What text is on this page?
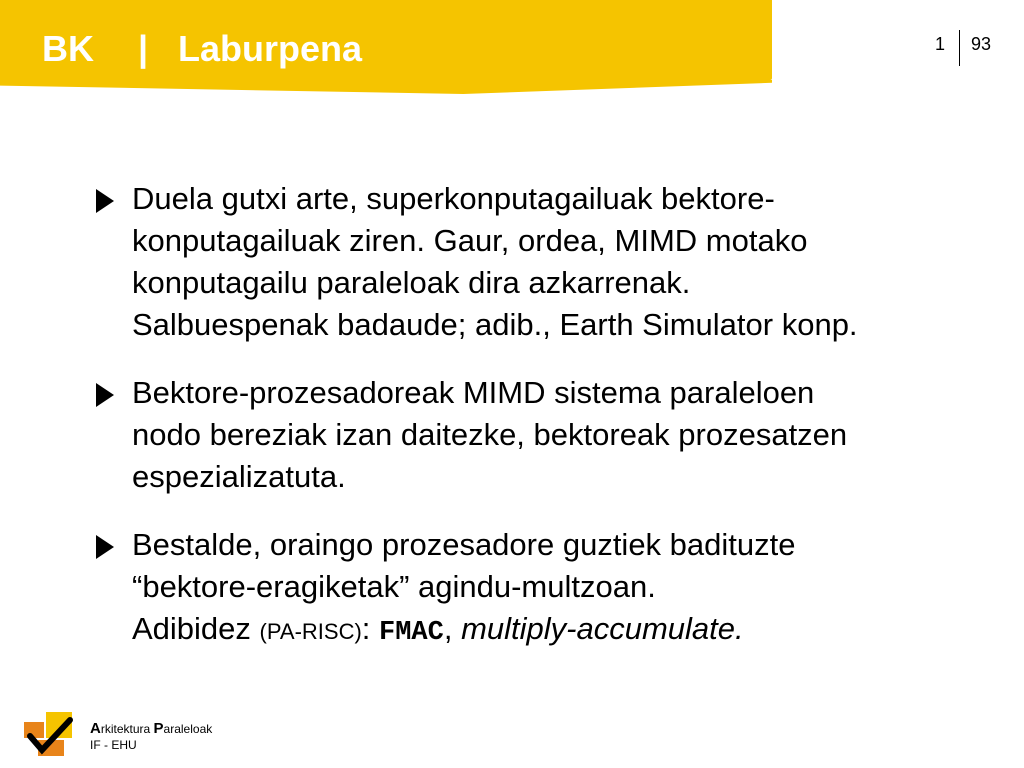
BK | Laburpena	1 93

Duela gutxi arte, superkonputagailuak bektore-

konputagailuak ziren. Gaur, ordea, MIMD motako

konputagailu paraleloak dira azkarrenak.

Salbuespenak badaude; adib., Earth Simulator konp.

Bektore-prozesadoreak MIMD sistema paraleloen

nodo bereziak izan daitezke, bektoreak prozesatzen

espezializatuta.

Bestalde, oraingo prozesadore guztiek badituzte

“bektore-eragiketak” agindu-multzoan.

Adibidez (PA-RISC): FMAC, multiply-accumulate.

Arkitektura Paraleloak
IF - EHU
